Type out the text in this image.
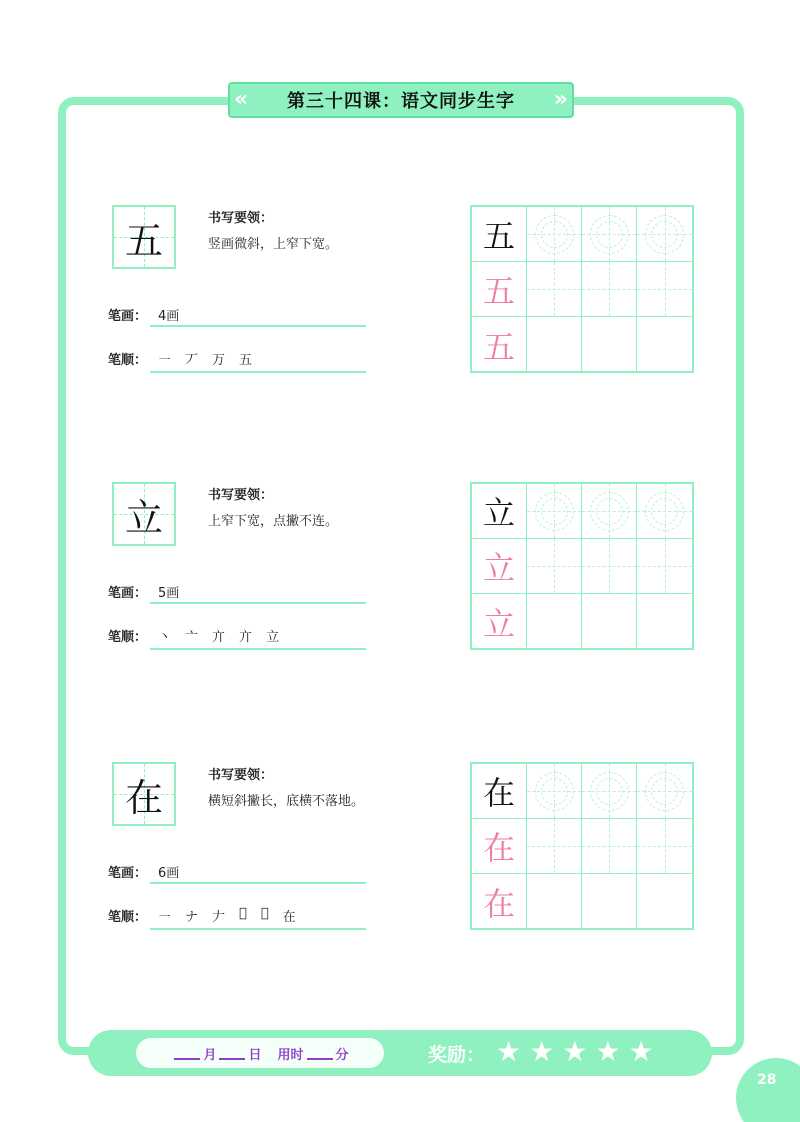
« 第三十四课：语文同步生字 »
五	书写要领：
竖画微斜，上窄下宽。
笔画： 4画
笔顺： ㇐ 丆 万 五
五
五
五
立	书写要领：
上窄下宽，点撇不连。
笔画： 5画
笔顺： 丶 亠 亣 亣 立
立
立
立
在	书写要领：
横短斜撇长，底横不落地。
笔画： 6画
笔顺： ㇐ ナ 𠂇 𡉀 𡉀 在
在
在
在
月 日 用时 分	奖励： ★ ★ ★ ★ ★
28
